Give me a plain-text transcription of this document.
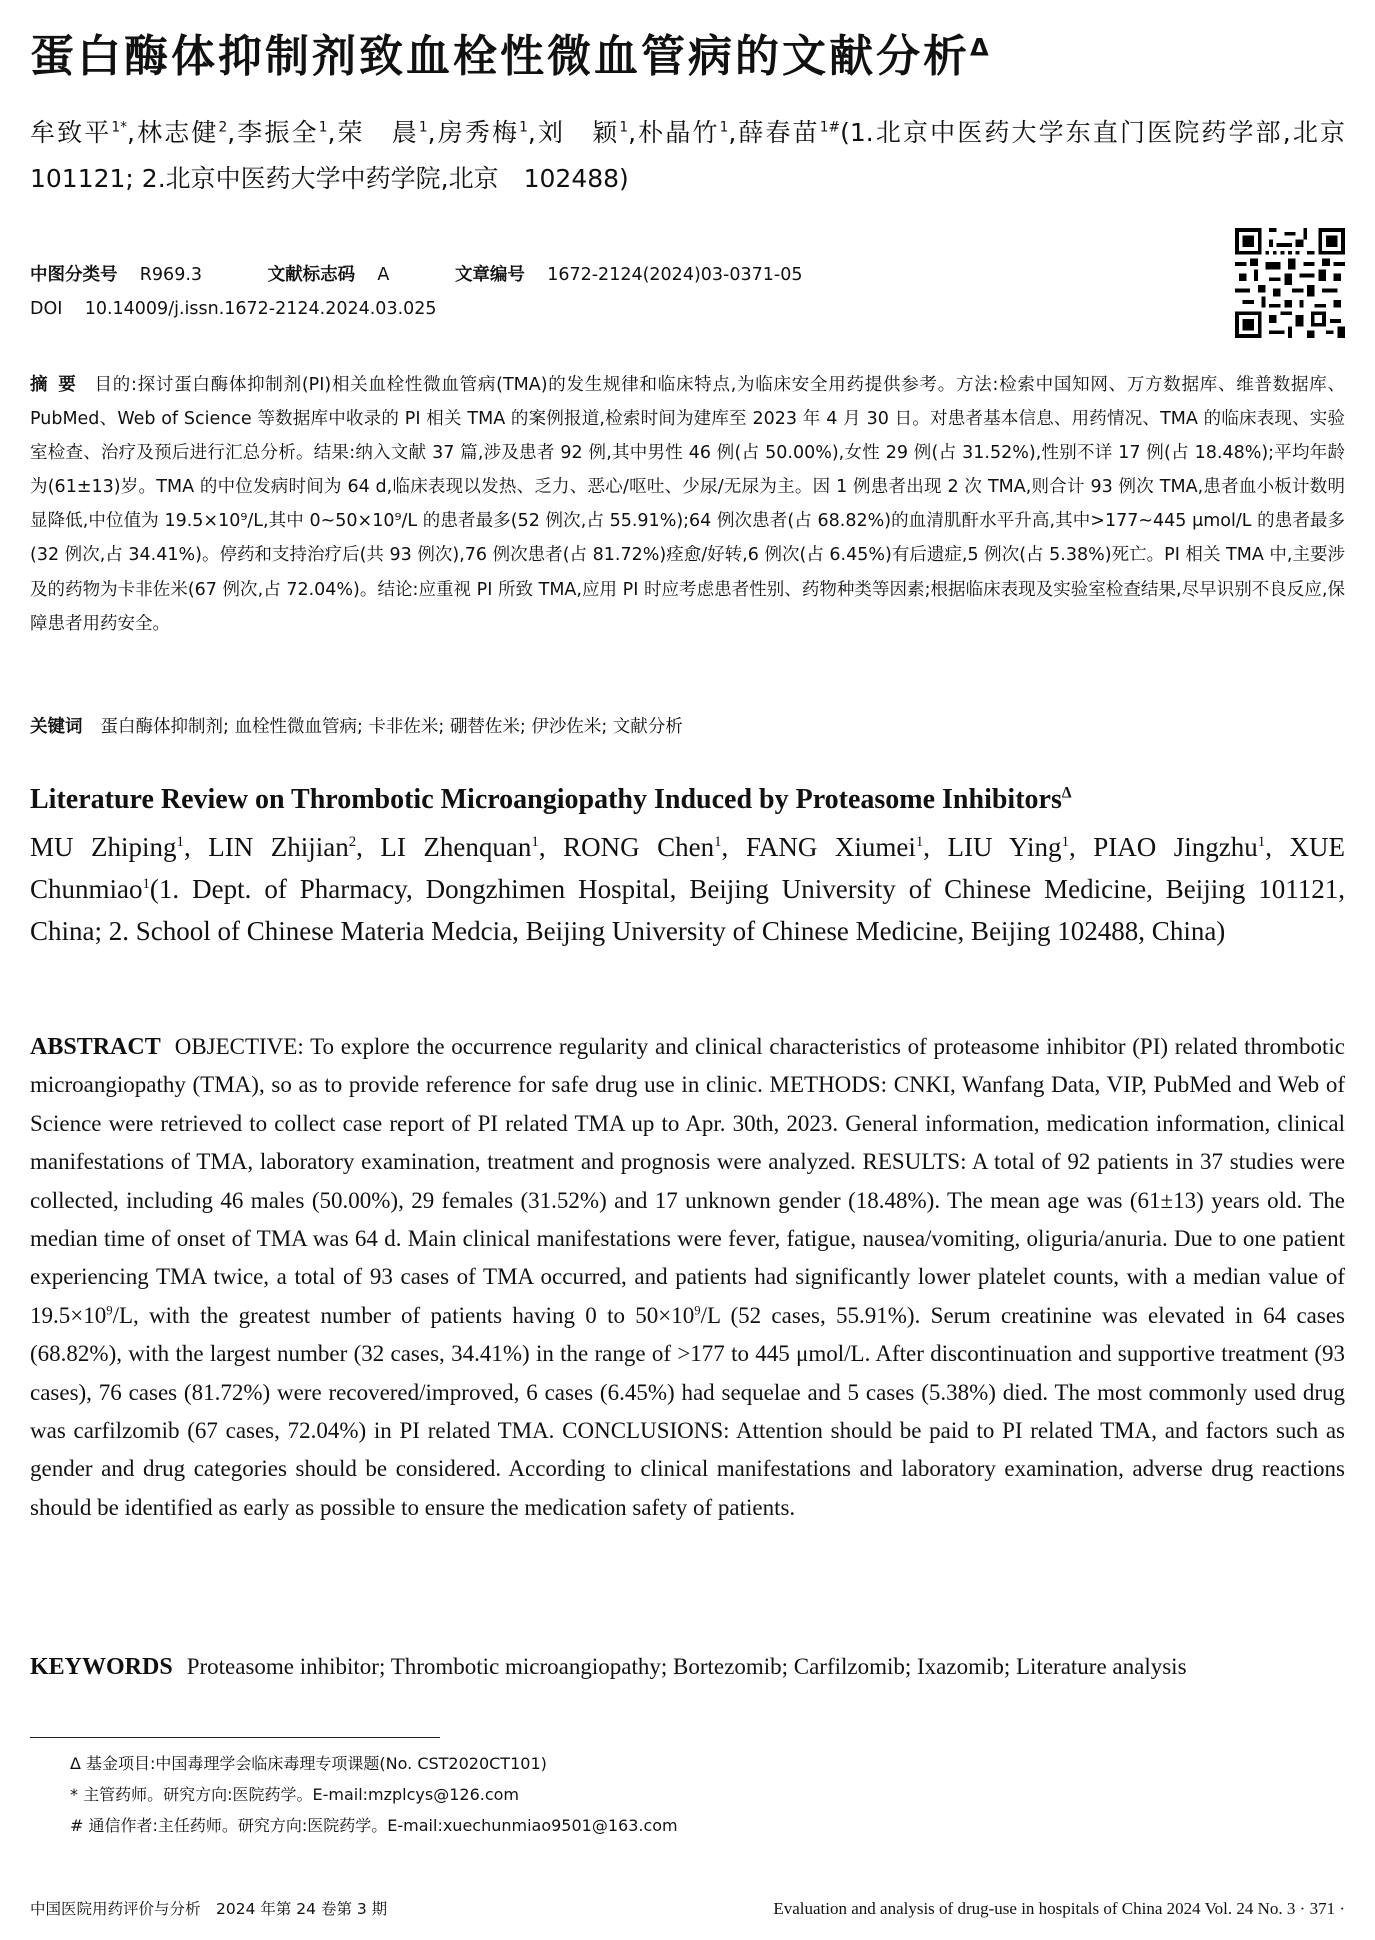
蛋白酶体抑制剂致血栓性微血管病的文献分析$^\Delta$
牟致平$^{1*}$,林志健$^2$,李振全$^1$,荣　晨$^1$,房秀梅$^1$,刘　颖$^1$,朴晶竹$^1$,薛春苗$^{1\#}$(1.北京中医药大学东直门医院药学部,北京　101121; 2.北京中医药大学中药学院,北京　102488)
中图分类号 R969.3	文献标志码 A	文章编号 1672-2124(2024)03-0371-05
DOI 10.14009/j.issn.1672-2124.2024.03.025
摘要 目的:探讨蛋白酶体抑制剂(PI)相关血栓性微血管病(TMA)的发生规律和临床特点,为临床安全用药提供参考。方法:检索中国知网、万方数据库、维普数据库、PubMed、Web of Science 等数据库中收录的 PI 相关 TMA 的案例报道,检索时间为建库至 2023 年 4 月 30 日。对患者基本信息、用药情况、TMA 的临床表现、实验室检查、治疗及预后进行汇总分析。结果:纳入文献 37 篇,涉及患者 92 例,其中男性 46 例(占 50.00%),女性 29 例(占 31.52%),性别不详 17 例(占 18.48%);平均年龄为(61±13)岁。TMA 的中位发病时间为 64 d,临床表现以发热、乏力、恶心/呕吐、少尿/无尿为主。因 1 例患者出现 2 次 TMA,则合计 93 例次 TMA,患者血小板计数明显降低,中位值为 19.5×10⁹/L,其中 0~50×10⁹/L 的患者最多(52 例次,占 55.91%);64 例次患者(占 68.82%)的血清肌酐水平升高,其中>177~445 μmol/L 的患者最多(32 例次,占 34.41%)。停药和支持治疗后(共 93 例次),76 例次患者(占 81.72%)痊愈/好转,6 例次(占 6.45%)有后遗症,5 例次(占 5.38%)死亡。PI 相关 TMA 中,主要涉及的药物为卡非佐米(67 例次,占 72.04%)。结论:应重视 PI 所致 TMA,应用 PI 时应考虑患者性别、药物种类等因素;根据临床表现及实验室检查结果,尽早识别不良反应,保障患者用药安全。
关键词 蛋白酶体抑制剂; 血栓性微血管病; 卡非佐米; 硼替佐米; 伊沙佐米; 文献分析
Literature Review on Thrombotic Microangiopathy Induced by Proteasome Inhibitors$^\Delta$
MU Zhiping$^1$, LIN Zhijian$^2$, LI Zhenquan$^1$, RONG Chen$^1$, FANG Xiumei$^1$, LIU Ying$^1$, PIAO Jingzhu$^1$, XUE Chunmiao$^1$(1. Dept. of Pharmacy, Dongzhimen Hospital, Beijing University of Chinese Medicine, Beijing 101121, China; 2. School of Chinese Materia Medcia, Beijing University of Chinese Medicine, Beijing 102488, China)
ABSTRACT OBJECTIVE: To explore the occurrence regularity and clinical characteristics of proteasome inhibitor (PI) related thrombotic microangiopathy (TMA), so as to provide reference for safe drug use in clinic. METHODS: CNKI, Wanfang Data, VIP, PubMed and Web of Science were retrieved to collect case report of PI related TMA up to Apr. 30th, 2023. General information, medication information, clinical manifestations of TMA, laboratory examination, treatment and prognosis were analyzed. RESULTS: A total of 92 patients in 37 studies were collected, including 46 males (50.00%), 29 females (31.52%) and 17 unknown gender (18.48%). The mean age was (61±13) years old. The median time of onset of TMA was 64 d. Main clinical manifestations were fever, fatigue, nausea/vomiting, oliguria/anuria. Due to one patient experiencing TMA twice, a total of 93 cases of TMA occurred, and patients had significantly lower platelet counts, with a median value of $19.5\times 10^9/L$, with the greatest number of patients having 0 to $50\times 10^9/L$ (52 cases, 55.91%). Serum creatinine was elevated in 64 cases (68.82%), with the largest number (32 cases, 34.41%) in the range of >177 to 445 μmol/L. After discontinuation and supportive treatment (93 cases), 76 cases (81.72%) were recovered/improved, 6 cases (6.45%) had sequelae and 5 cases (5.38%) died. The most commonly used drug was carfilzomib (67 cases, 72.04%) in PI related TMA. CONCLUSIONS: Attention should be paid to PI related TMA, and factors such as gender and drug categories should be considered. According to clinical manifestations and laboratory examination, adverse drug reactions should be identified as early as possible to ensure the medication safety of patients.
KEYWORDS Proteasome inhibitor; Thrombotic microangiopathy; Bortezomib; Carfilzomib; Ixazomib; Literature analysis
Δ 基金项目:中国毒理学会临床毒理专项课题(No. CST2020CT101)
* 主管药师。研究方向:医院药学。E-mail:mzplcys@126.com
# 通信作者:主任药师。研究方向:医院药学。E-mail:xuechunmiao9501@163.com
中国医院用药评价与分析　2024 年第 24 卷第 3 期	Evaluation and analysis of drug-use in hospitals of China 2024 Vol. 24 No. 3 · 371 ·
